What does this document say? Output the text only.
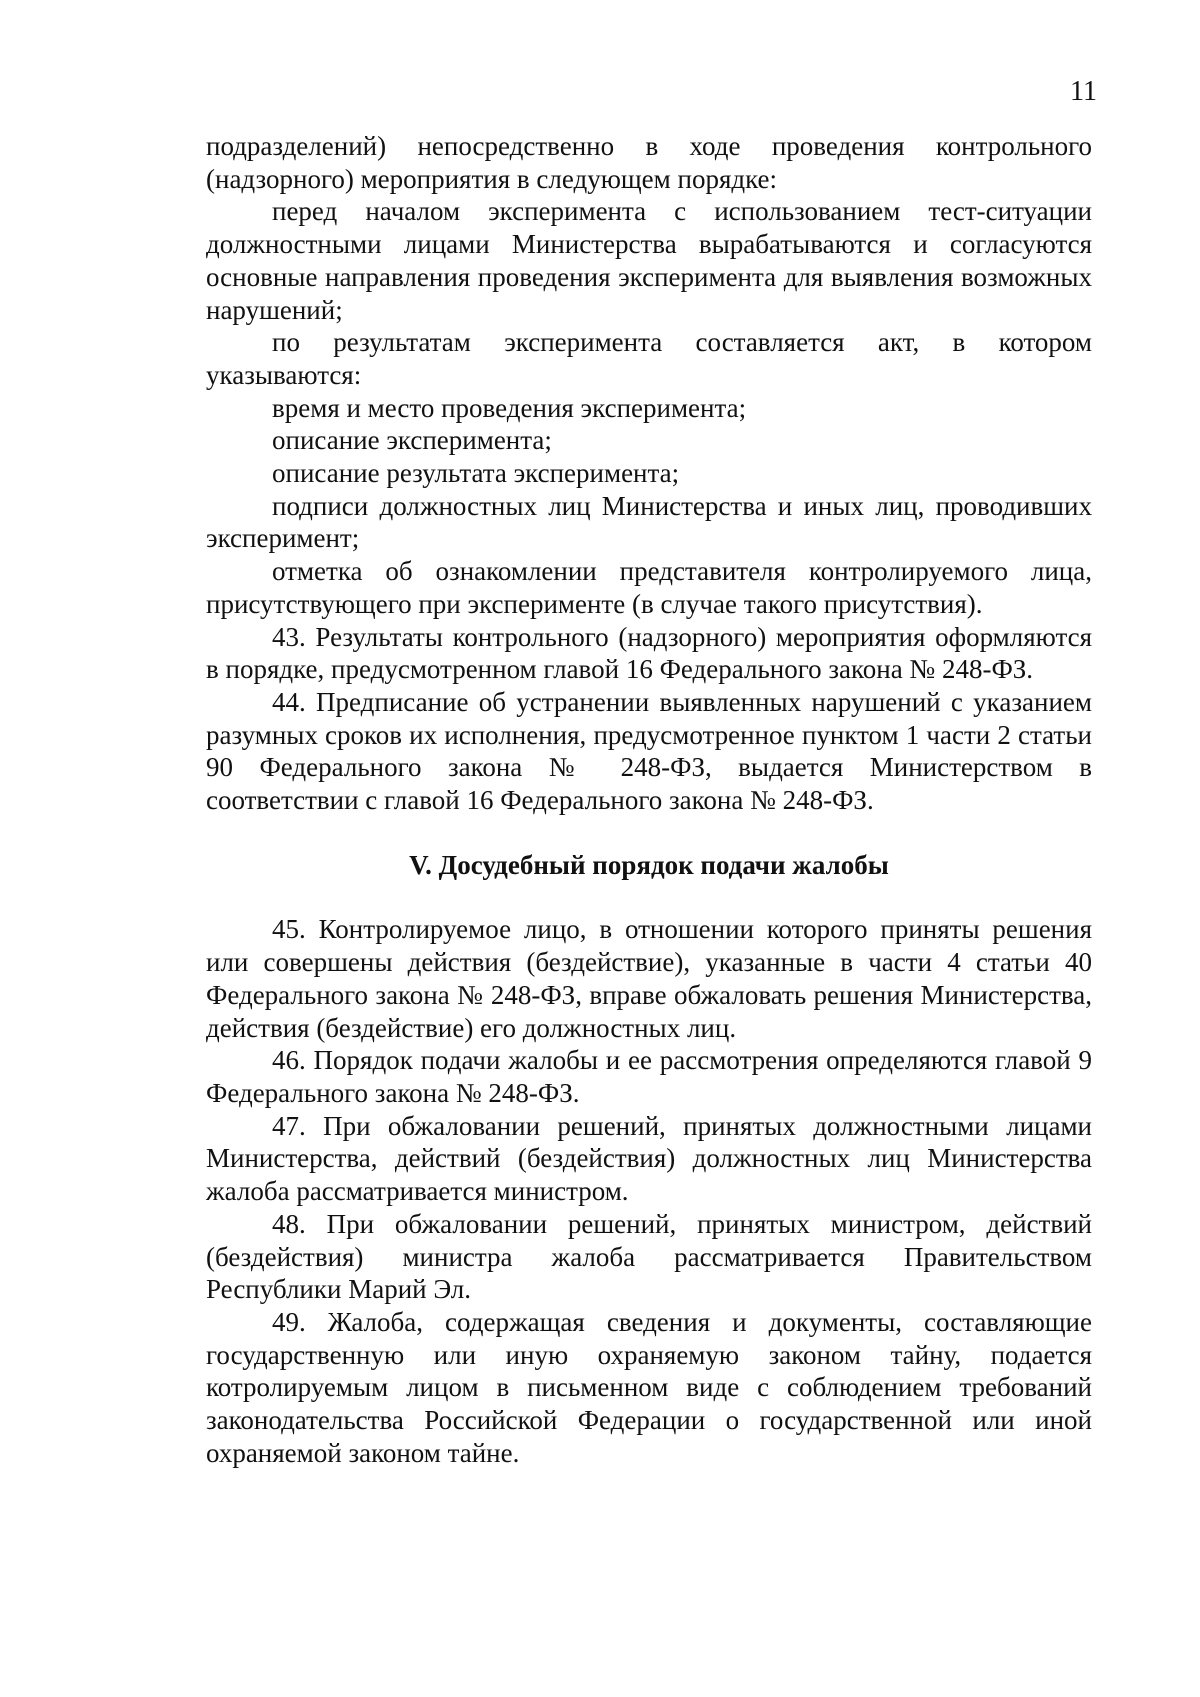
11

подразделений) непосредственно в ходе проведения контрольного (надзорного) мероприятия в следующем порядке:

перед началом эксперимента с использованием тест-ситуации должностными лицами Министерства вырабатываются и согласуются основные направления проведения эксперимента для выявления возможных нарушений;

по результатам эксперимента составляется акт, в котором указываются:

время и место проведения эксперимента;

описание эксперимента;

описание результата эксперимента;

подписи должностных лиц Министерства и иных лиц, проводивших эксперимент;

отметка об ознакомлении представителя контролируемого лица, присутствующего при эксперименте (в случае такого присутствия).

43. Результаты контрольного (надзорного) мероприятия оформляются в порядке, предусмотренном главой 16 Федерального закона № 248-ФЗ.

44. Предписание об устранении выявленных нарушений с указанием разумных сроков их исполнения, предусмотренное пунктом 1 части 2 статьи 90 Федерального закона № 248-ФЗ, выдается Министерством в соответствии с главой 16 Федерального закона № 248-ФЗ.

V. Досудебный порядок подачи жалобы

45. Контролируемое лицо, в отношении которого приняты решения или совершены действия (бездействие), указанные в части 4 статьи 40 Федерального закона № 248-ФЗ, вправе обжаловать решения Министерства, действия (бездействие) его должностных лиц.

46. Порядок подачи жалобы и ее рассмотрения определяются главой 9 Федерального закона № 248-ФЗ.

47. При обжаловании решений, принятых должностными лицами Министерства, действий (бездействия) должностных лиц Министерства жалоба рассматривается министром.

48. При обжаловании решений, принятых министром, действий (бездействия) министра жалоба рассматривается Правительством Республики Марий Эл.

49. Жалоба, содержащая сведения и документы, составляющие государственную или иную охраняемую законом тайну, подается котролируемым лицом в письменном виде с соблюдением требований законодательства Российской Федерации о государственной или иной охраняемой законом тайне.
